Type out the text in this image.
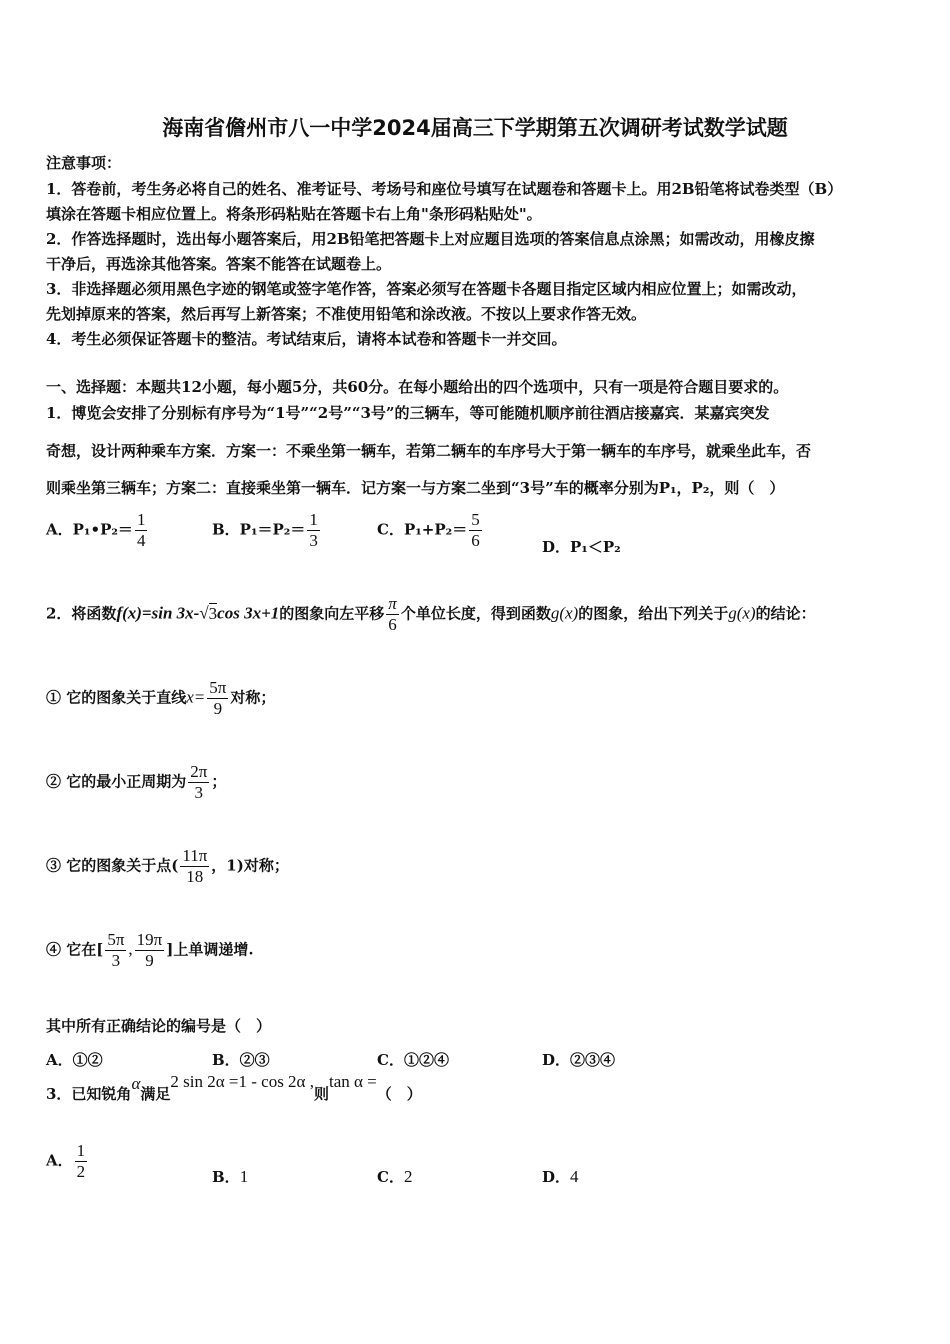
海南省儋州市八一中学2024届高三下学期第五次调研考试数学试题
注意事项：
1．答卷前，考生务必将自己的姓名、准考证号、考场号和座位号填写在试题卷和答题卡上。用2B铅笔将试卷类型（B）
填涂在答题卡相应位置上。将条形码粘贴在答题卡右上角"条形码粘贴处"。
2．作答选择题时，选出每小题答案后，用2B铅笔把答题卡上对应题目选项的答案信息点涂黑；如需改动，用橡皮擦
干净后，再选涂其他答案。答案不能答在试题卷上。
3．非选择题必须用黑色字迹的钢笔或签字笔作答，答案必须写在答题卡各题目指定区域内相应位置上；如需改动，
先划掉原来的答案，然后再写上新答案；不准使用铅笔和涂改液。不按以上要求作答无效。
4．考生必须保证答题卡的整洁。考试结束后，请将本试卷和答题卡一并交回。
一、选择题：本题共12小题，每小题5分，共60分。在每小题给出的四个选项中，只有一项是符合题目要求的。
1．博览会安排了分别标有序号为“1号”“2号”“3号”的三辆车，等可能随机顺序前往酒店接嘉宾．某嘉宾突发
奇想，设计两种乘车方案．方案一：不乘坐第一辆车，若第二辆车的车序号大于第一辆车的车序号，就乘坐此车，否
则乘坐第三辆车；方案二：直接乘坐第一辆车．记方案一与方案二坐到“3号”车的概率分别为P₁，P₂，则（　）
A．P₁•P₂＝ $\frac{1}{4}$	B．$P_1=P_2= \frac{1}{3}$	C．$P_1+P_2= \frac{5}{6}$	D．P₁＜P₂
2．将函数f(x)=sin 3x-√3cos 3x+1的图象向左平移 $\frac{\pi}{6}$ 个单位长度，得到函数g(x)的图象，给出下列关于g(x)的结论：
① 它的图象关于直线$x= \frac{5\pi}{9}$ 对称；
② 它的最小正周期为 $\frac{2\pi}{3}$ ；
③ 它的图象关于点( $\frac{11\pi}{18}$ ，1)对称；
④ 它在[ $\frac{5\pi}{3}$ , $\frac{19\pi}{9}$ ]上单调递增.
其中所有正确结论的编号是（　）
A．①②	B．②③	C．①②④	D．②③④
3．已知锐角α满足2 sin 2α =1 - cos 2α ,则tan α =（　）
A． $\frac{1}{2}$	B．1	C．2	D．4
